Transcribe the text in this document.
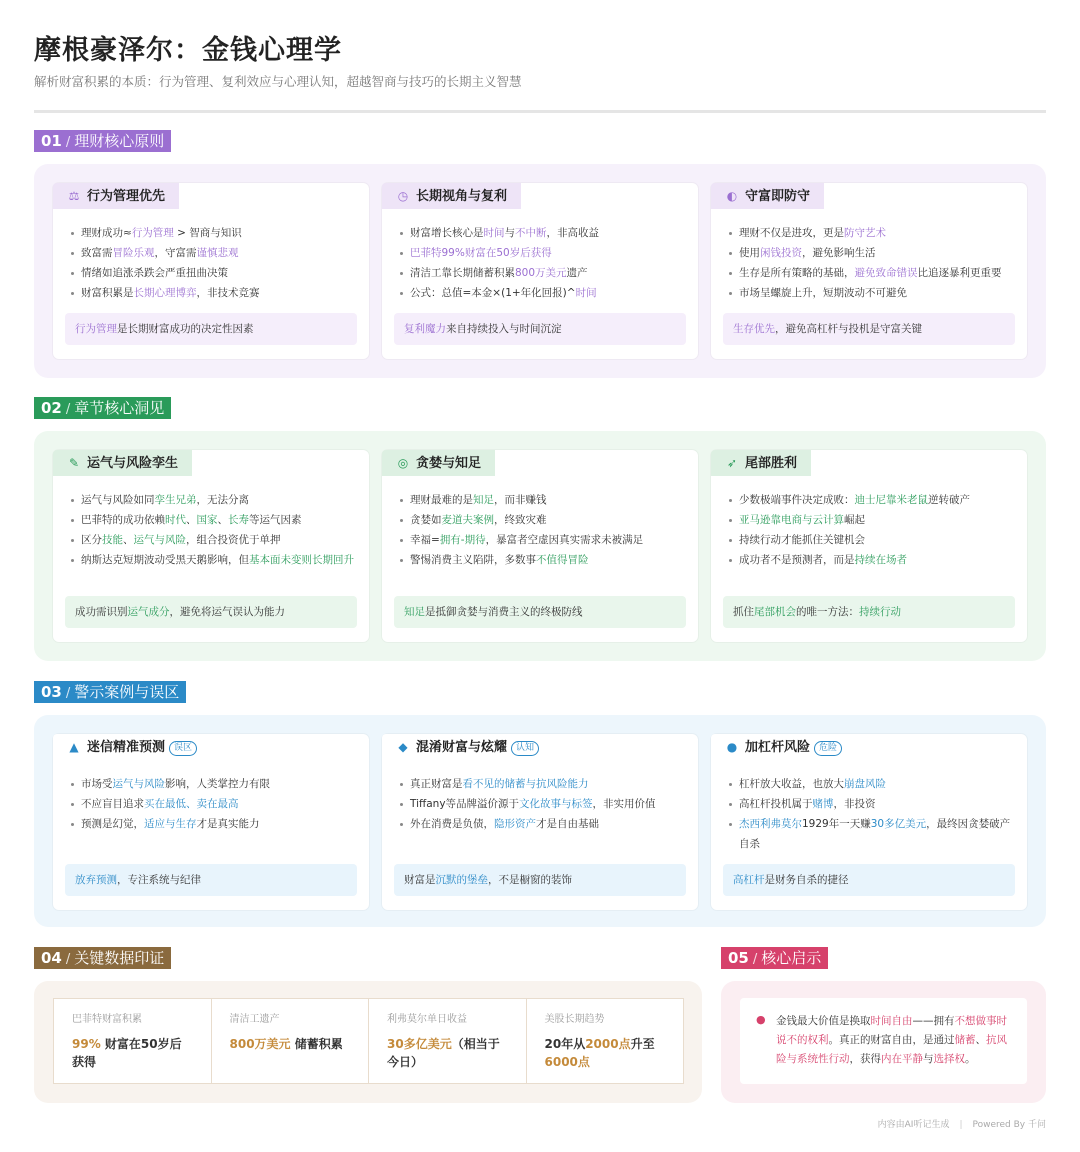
摩根豪泽尔：金钱心理学
解析财富积累的本质：行为管理、复利效应与心理认知，超越智商与技巧的长期主义智慧
01 / 理财核心原则
⚖ 行为管理优先
理财成功≈行为管理 > 智商与知识
致富需冒险乐观，守富需谨慎悲观
情绪如追涨杀跌会严重扭曲决策
财富积累是长期心理博弈，非技术竞赛
行为管理是长期财富成功的决定性因素
◷ 长期视角与复利
财富增长核心是时间与不中断，非高收益
巴菲特99%财富在50岁后获得
清洁工靠长期储蓄积累800万美元遗产
公式：总值=本金×(1+年化回报)^时间
复利魔力来自持续投入与时间沉淀
◐ 守富即防守
理财不仅是进攻，更是防守艺术
使用闲钱投资，避免影响生活
生存是所有策略的基础，避免致命错误比追逐暴利更重要
市场呈螺旋上升，短期波动不可避免
生存优先，避免高杠杆与投机是守富关键
02 / 章节核心洞见
✎ 运气与风险孪生
运气与风险如同孪生兄弟，无法分离
巴菲特的成功依赖时代、国家、长寿等运气因素
区分技能、运气与风险，组合投资优于单押
纳斯达克短期波动受黑天鹅影响，但基本面未变则长期回升
成功需识别运气成分，避免将运气误认为能力
◎ 贪婪与知足
理财最难的是知足，而非赚钱
贪婪如麦道夫案例，终致灾难
幸福=拥有-期待，暴富者空虚因真实需求未被满足
警惕消费主义陷阱，多数事不值得冒险
知足是抵御贪婪与消费主义的终极防线
➶ 尾部胜利
少数极端事件决定成败：迪士尼靠米老鼠逆转破产
亚马逊靠电商与云计算崛起
持续行动才能抓住关键机会
成功者不是预测者，而是持续在场者
抓住尾部机会的唯一方法：持续行动
03 / 警示案例与误区
▲ 迷信精准预测 误区
市场受运气与风险影响，人类掌控力有限
不应盲目追求买在最低、卖在最高
预测是幻觉，适应与生存才是真实能力
放弃预测，专注系统与纪律
◆ 混淆财富与炫耀 认知
真正财富是看不见的储蓄与抗风险能力
Tiffany等品牌溢价源于文化故事与标签，非实用价值
外在消费是负债，隐形资产才是自由基础
财富是沉默的堡垒，不是橱窗的装饰
● 加杠杆风险 危险
杠杆放大收益，也放大崩盘风险
高杠杆投机属于赌博，非投资
杰西利弗莫尔1929年一天赚30多亿美元，最终因贪婪破产自杀
高杠杆是财务自杀的捷径
04 / 关键数据印证
巴菲特财富积累
99% 财富在50岁后获得
清洁工遗产
800万美元 储蓄积累
利弗莫尔单日收益
30多亿美元（相当于今日）
美股长期趋势
20年从2000点升至6000点
05 / 核心启示
● 金钱最大价值是换取时间自由——拥有不想做事时说不的权利。真正的财富自由，是通过储蓄、抗风险与系统性行动，获得内在平静与选择权。
内容由AI听记生成 | Powered By 千问
